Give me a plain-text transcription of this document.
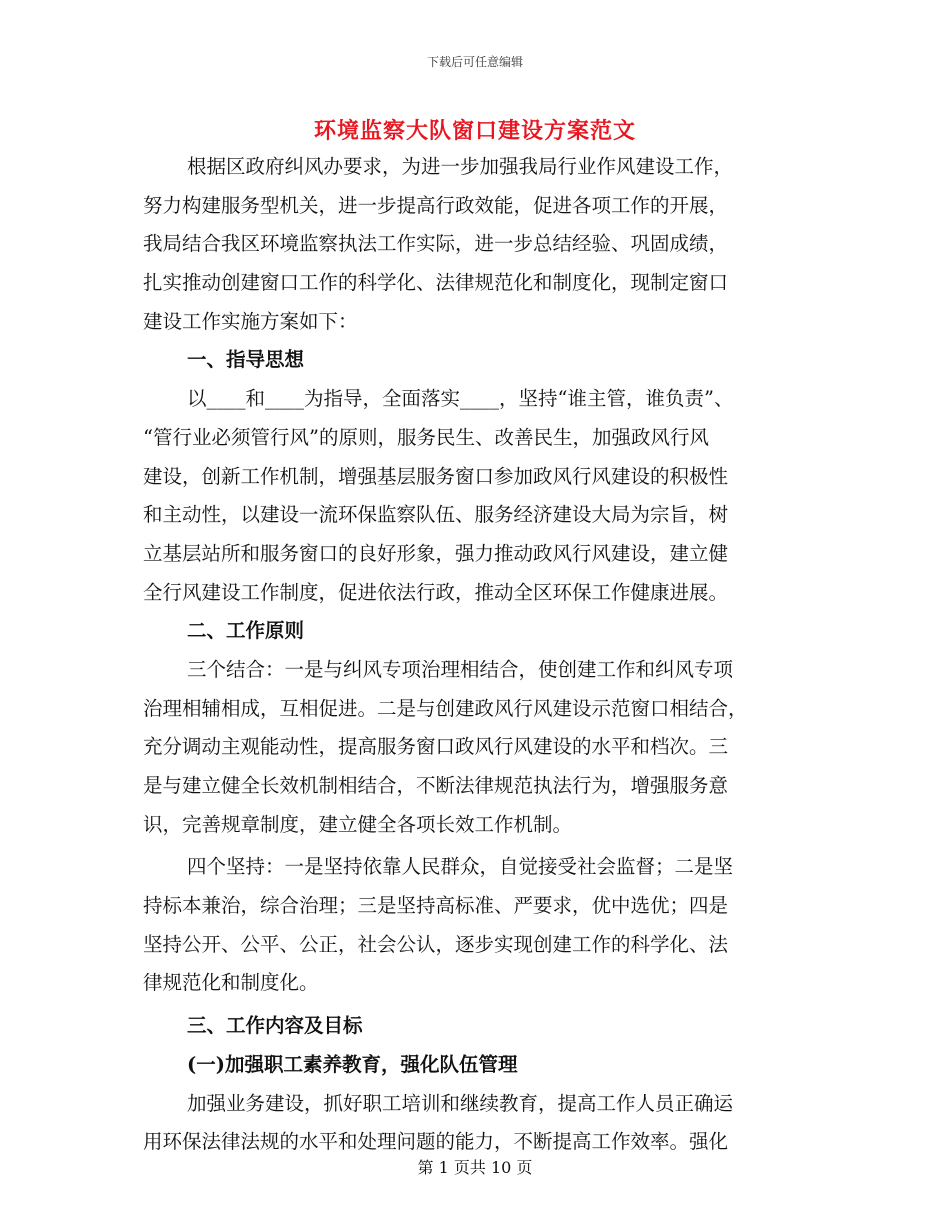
下载后可任意编辑
环境监察大队窗口建设方案范文
根据区政府纠风办要求，为进一步加强我局行业作风建设工作，
努力构建服务型机关，进一步提高行政效能，促进各项工作的开展，
我局结合我区环境监察执法工作实际，进一步总结经验、巩固成绩，
扎实推动创建窗口工作的科学化、法律规范化和制度化，现制定窗口
建设工作实施方案如下：
一、指导思想
以____和____为指导，全面落实____，坚持“谁主管，谁负责”、
“管行业必须管行风”的原则，服务民生、改善民生，加强政风行风
建设，创新工作机制，增强基层服务窗口参加政风行风建设的积极性
和主动性，以建设一流环保监察队伍、服务经济建设大局为宗旨，树
立基层站所和服务窗口的良好形象，强力推动政风行风建设，建立健
全行风建设工作制度，促进依法行政，推动全区环保工作健康进展。
二、工作原则
三个结合：一是与纠风专项治理相结合，使创建工作和纠风专项
治理相辅相成，互相促进。二是与创建政风行风建设示范窗口相结合，
充分调动主观能动性，提高服务窗口政风行风建设的水平和档次。三
是与建立健全长效机制相结合，不断法律规范执法行为，增强服务意
识，完善规章制度，建立健全各项长效工作机制。
四个坚持：一是坚持依靠人民群众，自觉接受社会监督；二是坚
持标本兼治，综合治理；三是坚持高标准、严要求，优中选优；四是
坚持公开、公平、公正，社会公认，逐步实现创建工作的科学化、法
律规范化和制度化。
三、工作内容及目标
(一)加强职工素养教育，强化队伍管理
加强业务建设，抓好职工培训和继续教育，提高工作人员正确运
用环保法律法规的水平和处理问题的能力，不断提高工作效率。强化
第 1 页共 10 页
